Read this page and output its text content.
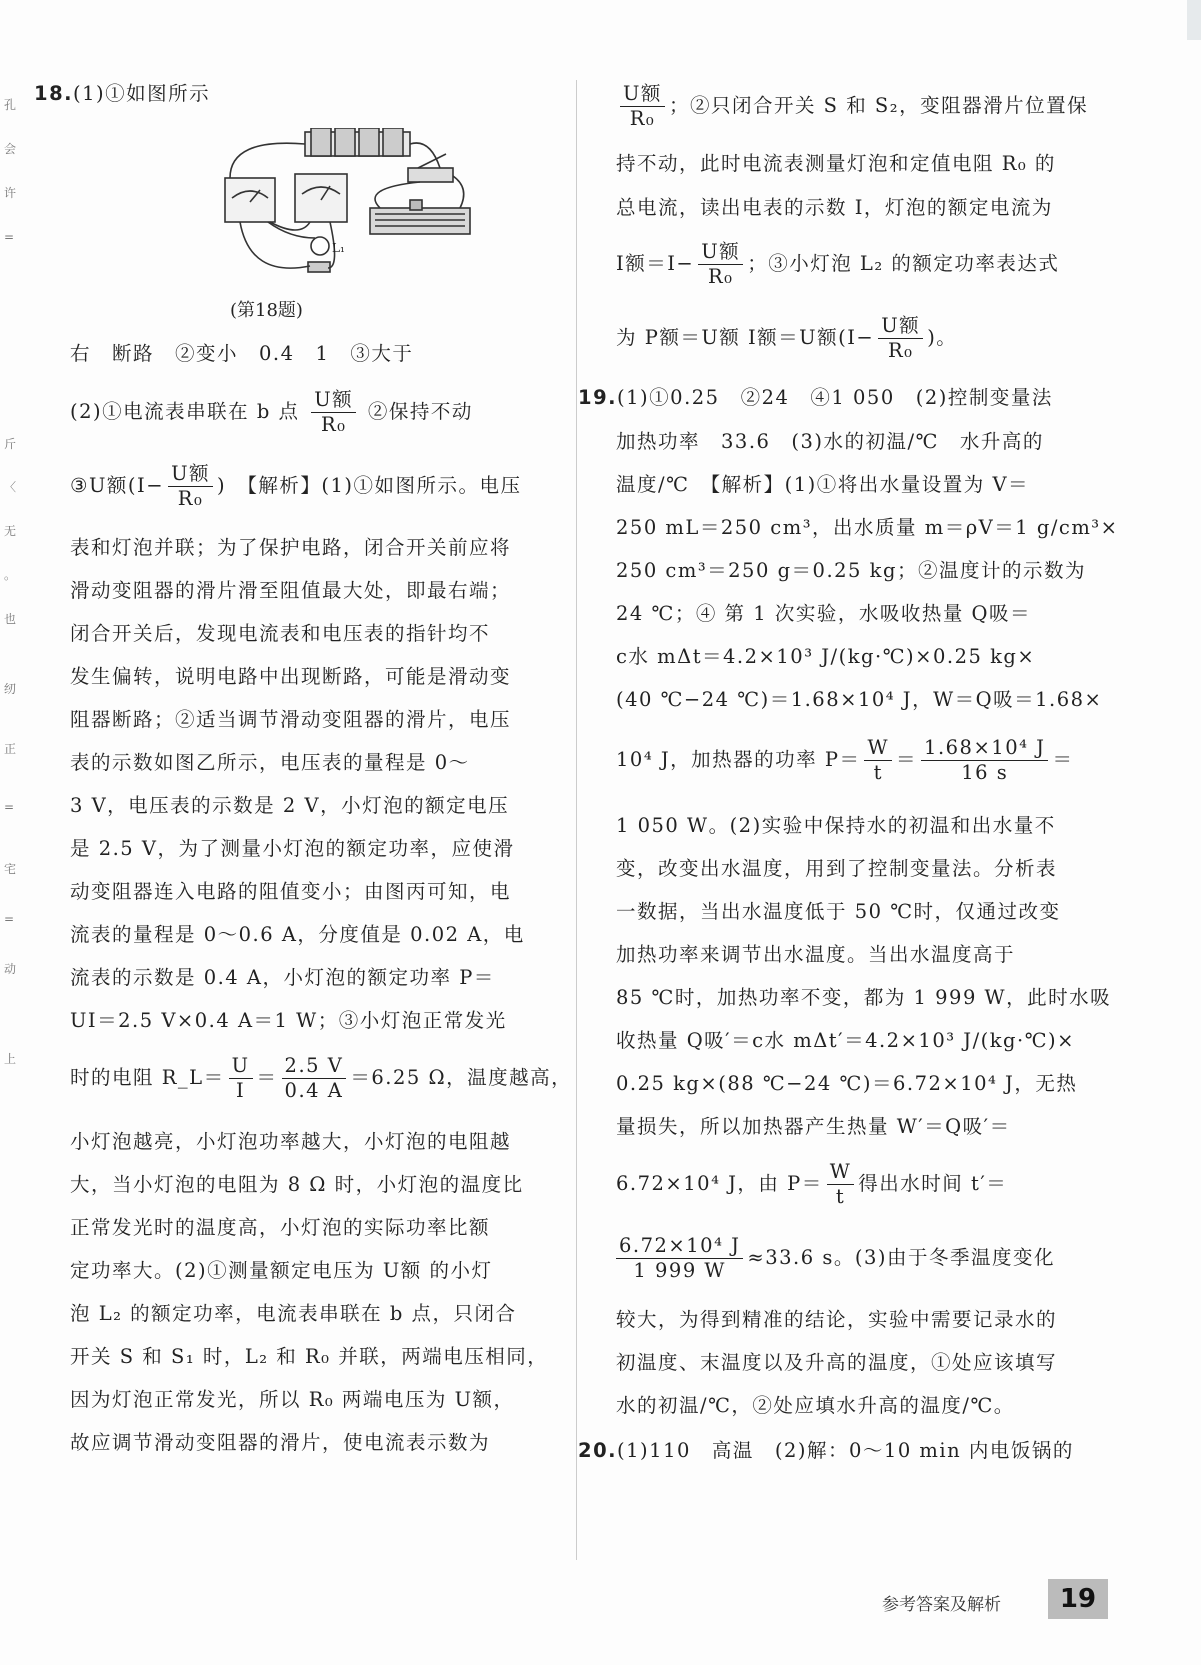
孔
会
许
=
斤
〈
无
。
也
纫
正
=
宅
=
动
上
18.(1)①如图所示
L₁
(第18题)
右　断路　②变小　0.4　1　③大于
(2)①电流表串联在 b 点 $\frac{\text{U额}}{\text{R₀}}$ ②保持不动
③U额($I- \frac{\text{U额}}{\text{R₀}}$ )　【解析】(1)①如图所示。电压
表和灯泡并联；为了保护电路，闭合开关前应将
滑动变阻器的滑片滑至阻值最大处，即最右端；
闭合开关后，发现电流表和电压表的指针均不
发生偏转，说明电路中出现断路，可能是滑动变
阻器断路；②适当调节滑动变阻器的滑片，电压
表的示数如图乙所示，电压表的量程是 0～
3 V，电压表的示数是 2 V，小灯泡的额定电压
是 2.5 V，为了测量小灯泡的额定功率，应使滑
动变阻器连入电路的阻值变小；由图丙可知，电
流表的量程是 0～0.6 A，分度值是 0.02 A，电
流表的示数是 0.4 A，小灯泡的额定功率 P＝
UI＝2.5 V×0.4 A＝1 W；③小灯泡正常发光
时的电阻 R_L＝ $\frac{U}{I} = \frac{2.5 V}{0.4 A} =6.25$ Ω，温度越高，
小灯泡越亮，小灯泡功率越大，小灯泡的电阻越
大，当小灯泡的电阻为 8 Ω 时，小灯泡的温度比
正常发光时的温度高，小灯泡的实际功率比额
定功率大。(2)①测量额定电压为 U额 的小灯
泡 L₂ 的额定功率，电流表串联在 b 点，只闭合
开关 S 和 S₁ 时，L₂ 和 R₀ 并联，两端电压相同，
因为灯泡正常发光，所以 R₀ 两端电压为 U额，
故应调节滑动变阻器的滑片，使电流表示数为
$\frac{\text{U额}}{\text{R₀}}$ ；②只闭合开关 S 和 S₂，变阻器滑片位置保
持不动，此时电流表测量灯泡和定值电阻 R₀ 的
总电流，读出电表的示数 I，灯泡的额定电流为
I额$=I- \frac{\text{U额}}{\text{R₀}}$ ；③小灯泡 L₂ 的额定功率表达式
为 P额＝U额 I额＝U额($I- \frac{\text{U额}}{\text{R₀}}$ )。
19.(1)①0.25　②24　④1 050　(2)控制变量法
加热功率　33.6　(3)水的初温/℃　水升高的
温度/℃　【解析】(1)①将出水量设置为 V＝
250 mL＝250 cm³，出水质量 m＝ρV＝1 g/cm³×
250 cm³＝250 g＝0.25 kg；②温度计的示数为
24 ℃；④ 第 1 次实验，水吸收热量 Q吸＝
c水 mΔt＝4.2×10³ J/(kg·℃)×0.25 kg×
(40 ℃−24 ℃)＝1.68×10⁴ J，W＝Q吸＝1.68×
10⁴ J，加热器的功率 $P= \frac{W}{t} = \frac{\text{1.68×10⁴ J}}{16 s}$ ＝
1 050 W。(2)实验中保持水的初温和出水量不
变，改变出水温度，用到了控制变量法。分析表
一数据，当出水温度低于 50 ℃时，仅通过改变
加热功率来调节出水温度。当出水温度高于
85 ℃时，加热功率不变，都为 1 999 W，此时水吸
收热量 Q吸′＝c水 mΔt′＝4.2×10³ J/(kg·℃)×
0.25 kg×(88 ℃−24 ℃)＝6.72×10⁴ J，无热
量损失，所以加热器产生热量 W′＝Q吸′＝
6.72×10⁴ J，由 $P= \frac{W}{t}$ 得出水时间 t′＝
$\frac{\text{6.72×10⁴ J}}{1 999 W} \approx 33.6$ s。(3)由于冬季温度变化
较大，为得到精准的结论，实验中需要记录水的
初温度、末温度以及升高的温度，①处应该填写
水的初温/℃，②处应填水升高的温度/℃。
20.(1)110　高温　(2)解：0～10 min 内电饭锅的
参考答案及解析	19
